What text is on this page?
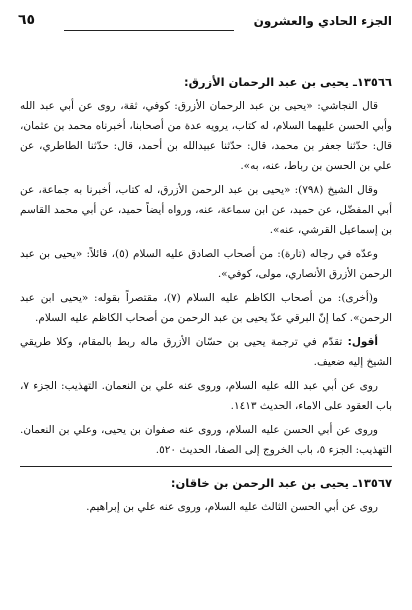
الجزء الحادي والعشرون
٦٥
١٣٥٦٦ـ يحيى بن عبد الرحمان الأزرق:

قال النجاشي: «يحيى بن عبد الرحمان الأزرق: كوفي، ثقة، روى عن أبي عبد الله وأبي الحسن عليهما السلام، له كتاب، يرويه عدة من أصحابنا، أخبرناه محمد بن عثمان، قال: حدّثنا جعفر بن محمد، قال: حدّثنا عبيدالله بن أحمد، قال: حدّثنا الطاطري، عن علي بن الحسن بن رباط، عنه، به».

وقال الشيخ (٧٩٨): «يحيى بن عبد الرحمن الأزرق، له كتاب، أخبرنا به جماعة، عن أبي المفضّل، عن حميد، عن ابن سماعة، عنه، ورواه أيضاً حميد، عن أبي محمد القاسم بن إسماعيل القرشي، عنه».

وعدّه في رجاله (تارة): من أصحاب الصادق عليه السلام (٥)، قائلاً: «يحيى بن عبد الرحمن الأزرق الأنصاري، مولى، كوفي».

و(أخرى): من أصحاب الكاظم عليه السلام (٧)، مقتصراً بقوله: «يحيى ابن عبد الرحمن». كما إنّ البرقي عدّ يحيى بن عبد الرحمن من أصحاب الكاظم عليه السلام.

أقول: تقدّم في ترجمة يحيى بن حسّان الأزرق ماله ربط بالمقام، وكلا طريقي الشيخ إليه ضعيف.

روى عن أبي عبد الله عليه السلام، وروى عنه علي بن النعمان. التهذيب: الجزء ٧، باب العقود على الاماء، الحديث ١٤١٣.

وروى عن أبي الحسن عليه السلام، وروى عنه صفوان بن يحيى، وعلي بن النعمان. التهذيب: الجزء ٥، باب الخروج إلى الصفا، الحديث ٥٢٠.

١٣٥٦٧ـ يحيى بن عبد الرحمن بن خاقان:

روى عن أبي الحسن الثالث عليه السلام، وروى عنه علي بن إبراهيم.
